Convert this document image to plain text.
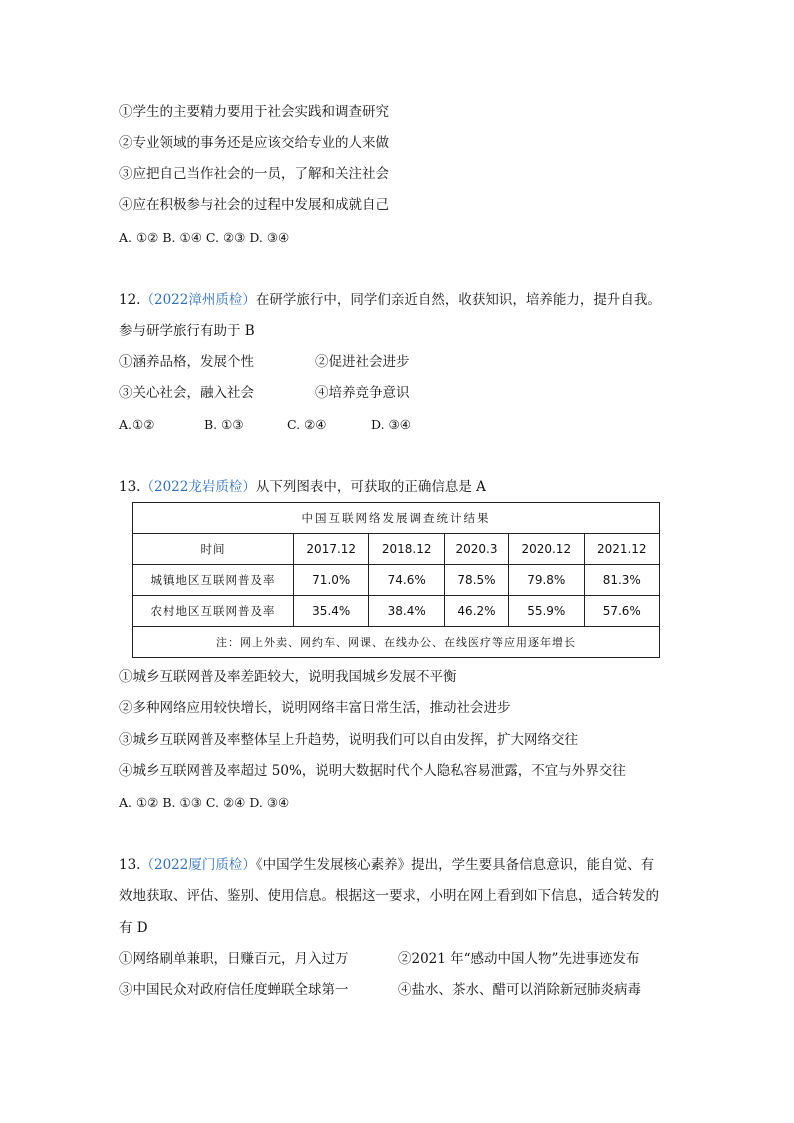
①学生的主要精力要用于社会实践和调查研究
②专业领域的事务还是应该交给专业的人来做
③应把自己当作社会的一员，了解和关注社会
④应在积极参与社会的过程中发展和成就自己
A. ①② B. ①④ C. ②③ D. ③④
12.（2022漳州质检）在研学旅行中，同学们亲近自然，收获知识，培养能力，提升自我。
参与研学旅行有助于 B
①涵养品格，发展个性	②促进社会进步
③关心社会，融入社会	④培养竞争意识
A.①②	B. ①③	C. ②④	D. ③④
13.（2022龙岩质检）从下列图表中，可获取的正确信息是 A
中国互联网络发展调查统计结果					
时间	2017.12	2018.12	2020.3	2020.12	2021.12
城镇地区互联网普及率	71.0%	74.6%	78.5%	79.8%	81.3%
农村地区互联网普及率	35.4%	38.4%	46.2%	55.9%	57.6%
注：网上外卖、网约车、网课、在线办公、在线医疗等应用逐年增长					
①城乡互联网普及率差距较大，说明我国城乡发展不平衡
②多种网络应用较快增长，说明网络丰富日常生活，推动社会进步
③城乡互联网普及率整体呈上升趋势，说明我们可以自由发挥，扩大网络交往
④城乡互联网普及率超过 50%，说明大数据时代个人隐私容易泄露，不宜与外界交往
A. ①② B. ①③ C. ②④ D. ③④
13.（2022厦门质检）《中国学生发展核心素养》提出，学生要具备信息意识，能自觉、有
效地获取、评估、鉴别、使用信息。根据这一要求，小明在网上看到如下信息，适合转发的
有 D
①网络刷单兼职，日赚百元，月入过万	②2021 年“感动中国人物”先进事迹发布
③中国民众对政府信任度蝉联全球第一	④盐水、茶水、醋可以消除新冠肺炎病毒
